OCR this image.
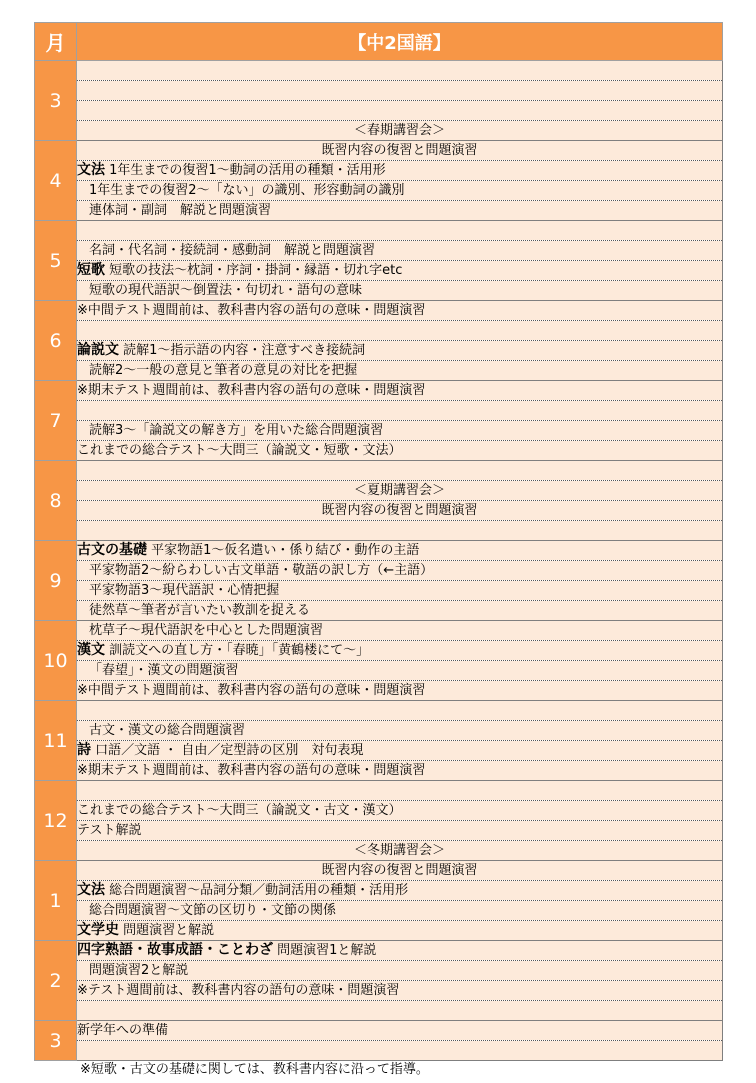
月	【中2国語】
3	

	＜春期講習会＞
4	既習内容の復習と問題演習
	文法 1年生までの復習1～動詞の活用の種類・活用形
	1年生までの復習2～「ない」の識別、形容動詞の識別
	連体詞・副詞　解説と問題演習
5	
	名詞・代名詞・接続詞・感動詞　解説と問題演習
	短歌 短歌の技法～枕詞・序詞・掛詞・縁語・切れ字etc
	短歌の現代語訳～倒置法・句切れ・語句の意味
6	※中間テスト週間前は、教科書内容の語句の意味・問題演習

	論説文 読解1～指示語の内容・注意すべき接続詞
	読解2～一般の意見と筆者の意見の対比を把握
7	※期末テスト週間前は、教科書内容の語句の意味・問題演習

	読解3～「論説文の解き方」を用いた総合問題演習
	これまでの総合テスト～大問三（論説文・短歌・文法）
8	
	＜夏期講習会＞
	既習内容の復習と問題演習

9	古文の基礎 平家物語1～仮名遣い・係り結び・動作の主語
	平家物語2～紛らわしい古文単語・敬語の訳し方（←主語）
	平家物語3～現代語訳・心情把握
	徒然草～筆者が言いたい教訓を捉える
10	枕草子～現代語訳を中心とした問題演習
	漢文 訓読文への直し方・「春暁」「黄鶴楼にて～」
	「春望」・漢文の問題演習
	※中間テスト週間前は、教科書内容の語句の意味・問題演習
11	
	古文・漢文の総合問題演習
	詩 口語／文語 ・ 自由／定型詩の区別　対句表現
	※期末テスト週間前は、教科書内容の語句の意味・問題演習
12	
	これまでの総合テスト～大問三（論説文・古文・漢文）
	テスト解説
	＜冬期講習会＞
1	既習内容の復習と問題演習
	文法 総合問題演習～品詞分類／動詞活用の種類・活用形
	総合問題演習～文節の区切り・文節の関係
	文学史 問題演習と解説
2	四字熟語・故事成語・ことわざ 問題演習1と解説
	問題演習2と解説
	※テスト週間前は、教科書内容の語句の意味・問題演習

3	新学年への準備

※短歌・古文の基礎に関しては、教科書内容に沿って指導。
